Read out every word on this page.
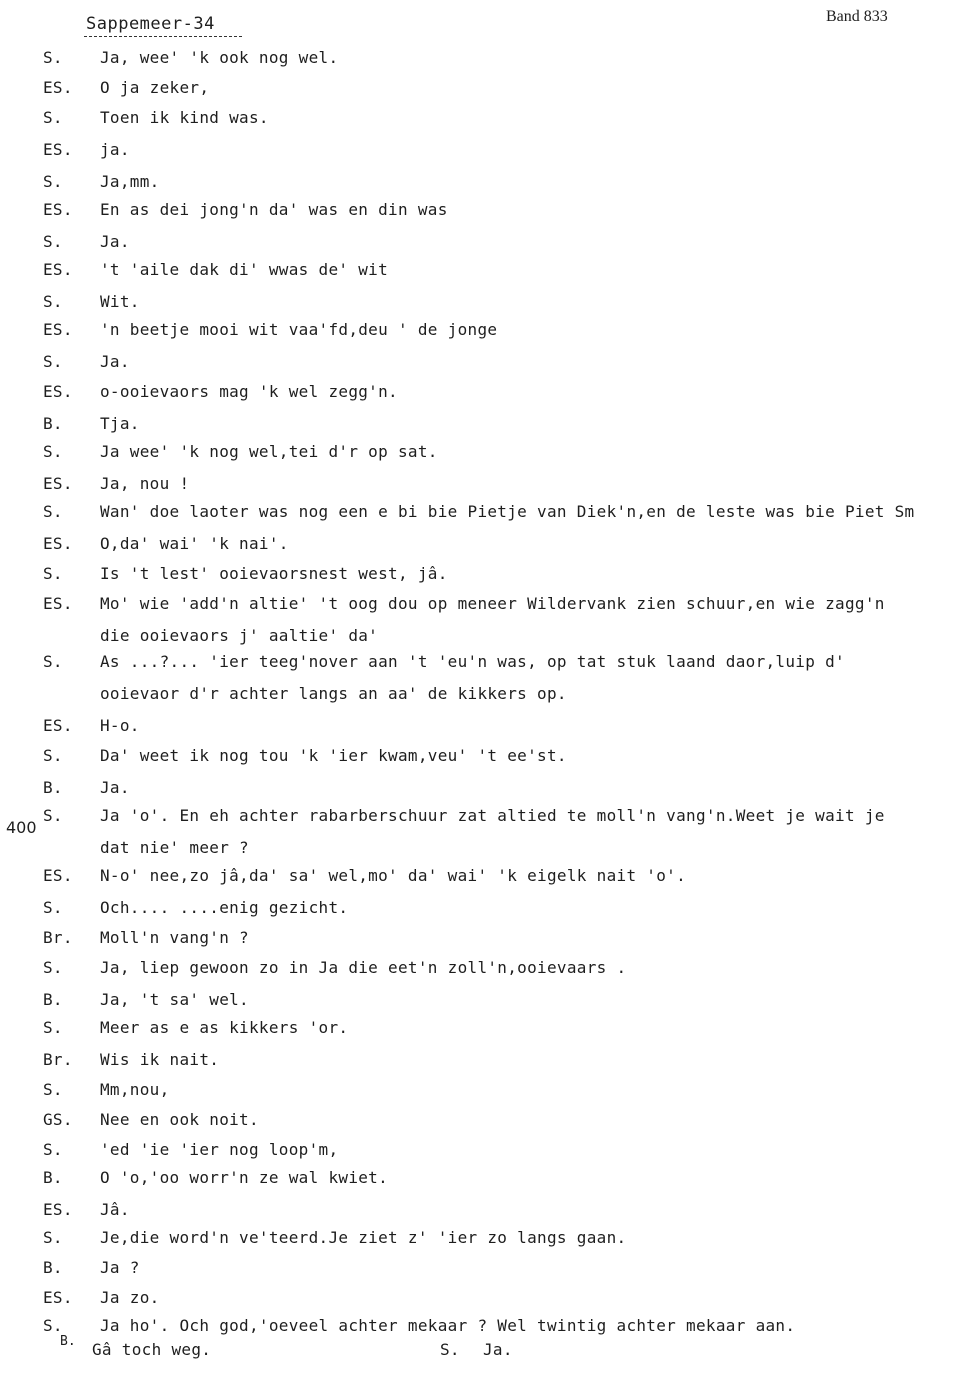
Sappemeer-34	Band 833
400
S. Ja, wee' 'k ook nog wel.
ES. O ja zeker,
S. Toen ik kind was.
ES. ja.
S. Ja,mm.
ES. En as dei jong'n da' was en din was
S. Ja.
ES. 't 'aile dak di' wwas de' wit
S. Wit.
ES. 'n beetje mooi wit vaa'fd,deu ' de jonge
S. Ja.
ES. o-ooievaors mag 'k wel zegg'n.
B. Tja.
S. Ja wee' 'k nog wel,tei d'r op sat.
ES. Ja, nou !
S. Wan' doe laoter was nog een e bi bie Pietje van Diek'n,en de leste was bie Piet Sm
ES. O,da' wai' 'k nai'.
S. Is 't lest' ooievaorsnest west, jâ.
ES. Mo' wie 'add'n altie' 't oog dou op meneer Wildervank zien schuur,en wie zagg'n
die ooievaors j' aaltie' da'
S. As ...?... 'ier teeg'nover aan 't 'eu'n was, op tat stuk laand daor,luip d'
ooievaor d'r achter langs an aa' de kikkers op.
ES. H-o.
S. Da' weet ik nog tou 'k 'ier kwam,veu' 't ee'st.
B. Ja.
S. Ja 'o'. En eh achter rabarberschuur zat altied te moll'n vang'n.Weet je wait je
dat nie' meer ?
ES. N-o' nee,zo jâ,da' sa' wel,mo' da' wai' 'k eigelk nait 'o'.
S. Och.... ....enig gezicht.
Br. Moll'n vang'n ?
S. Ja, liep gewoon zo in Ja die eet'n zoll'n,ooievaars .
B. Ja, 't sa' wel.
S. Meer as e as kikkers 'or.
Br. Wis ik nait.
S. Mm,nou,
GS. Nee en ook noit.
S. 'ed 'ie 'ier nog loop'm,
B. O 'o,'oo worr'n ze wal kwiet.
ES. Jâ.
S. Je,die word'n ve'teerd.Je ziet z' 'ier zo langs gaan.
B. Ja ?
ES. Ja zo.
S. Ja ho'. Och god,'oeveel achter mekaar ? Wel twintig achter mekaar aan.
B. Gâ toch weg.	S. Ja.
